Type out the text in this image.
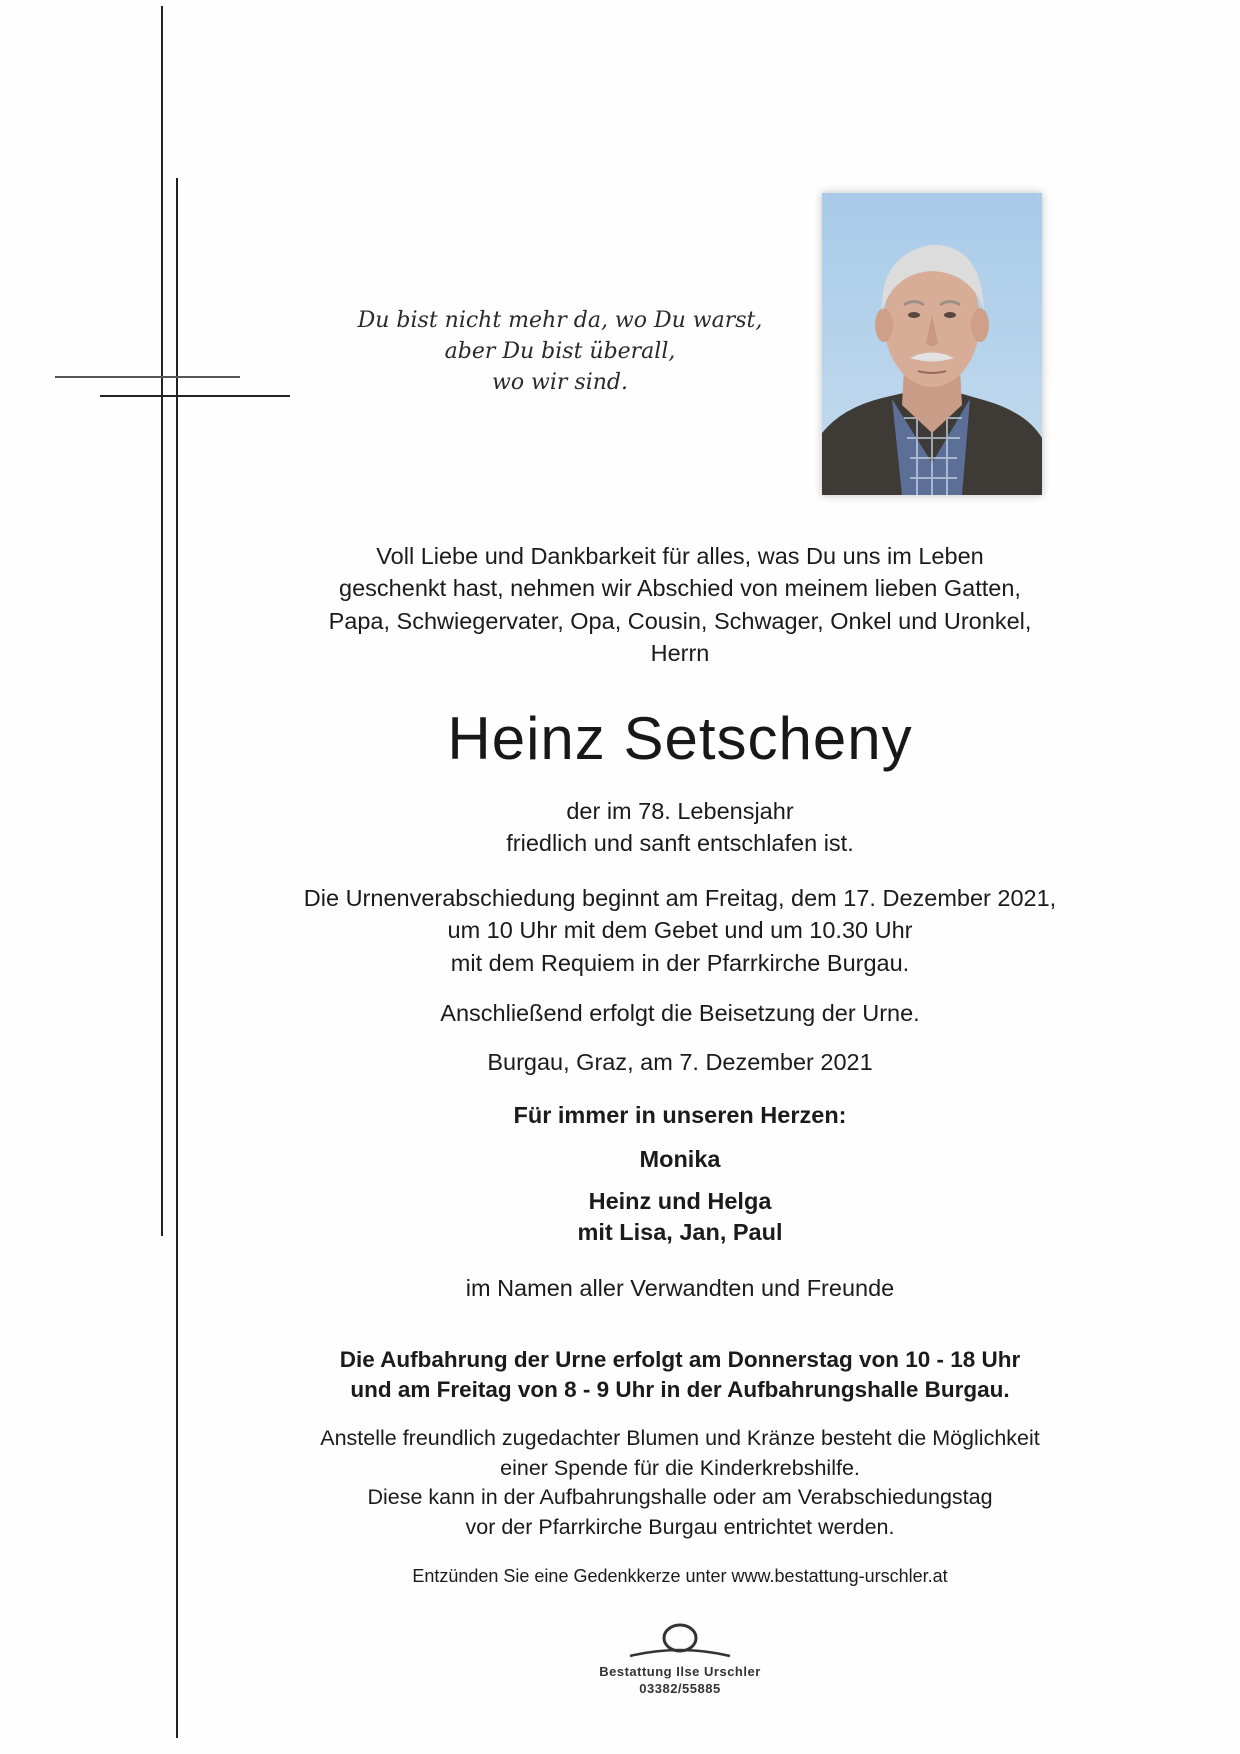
Du bist nicht mehr da, wo Du warst,
aber Du bist überall,
wo wir sind.
Voll Liebe und Dankbarkeit für alles, was Du uns im Leben
geschenkt hast, nehmen wir Abschied von meinem lieben Gatten,
Papa, Schwiegervater, Opa, Cousin, Schwager, Onkel und Uronkel,
Herrn
Heinz Setscheny
der im 78. Lebensjahr
friedlich und sanft entschlafen ist.
Die Urnenverabschiedung beginnt am Freitag, dem 17. Dezember 2021,
um 10 Uhr mit dem Gebet und um 10.30 Uhr
mit dem Requiem in der Pfarrkirche Burgau.
Anschließend erfolgt die Beisetzung der Urne.
Burgau, Graz, am 7. Dezember 2021
Für immer in unseren Herzen:
Monika
Heinz und Helga
mit Lisa, Jan, Paul
im Namen aller Verwandten und Freunde
Die Aufbahrung der Urne erfolgt am Donnerstag von 10 - 18 Uhr
und am Freitag von 8 - 9 Uhr in der Aufbahrungshalle Burgau.
Anstelle freundlich zugedachter Blumen und Kränze besteht die Möglichkeit
einer Spende für die Kinderkrebshilfe.
Diese kann in der Aufbahrungshalle oder am Verabschiedungstag
vor der Pfarrkirche Burgau entrichtet werden.
Entzünden Sie eine Gedenkkerze unter www.bestattung-urschler.at
Bestattung Ilse Urschler
03382/55885
